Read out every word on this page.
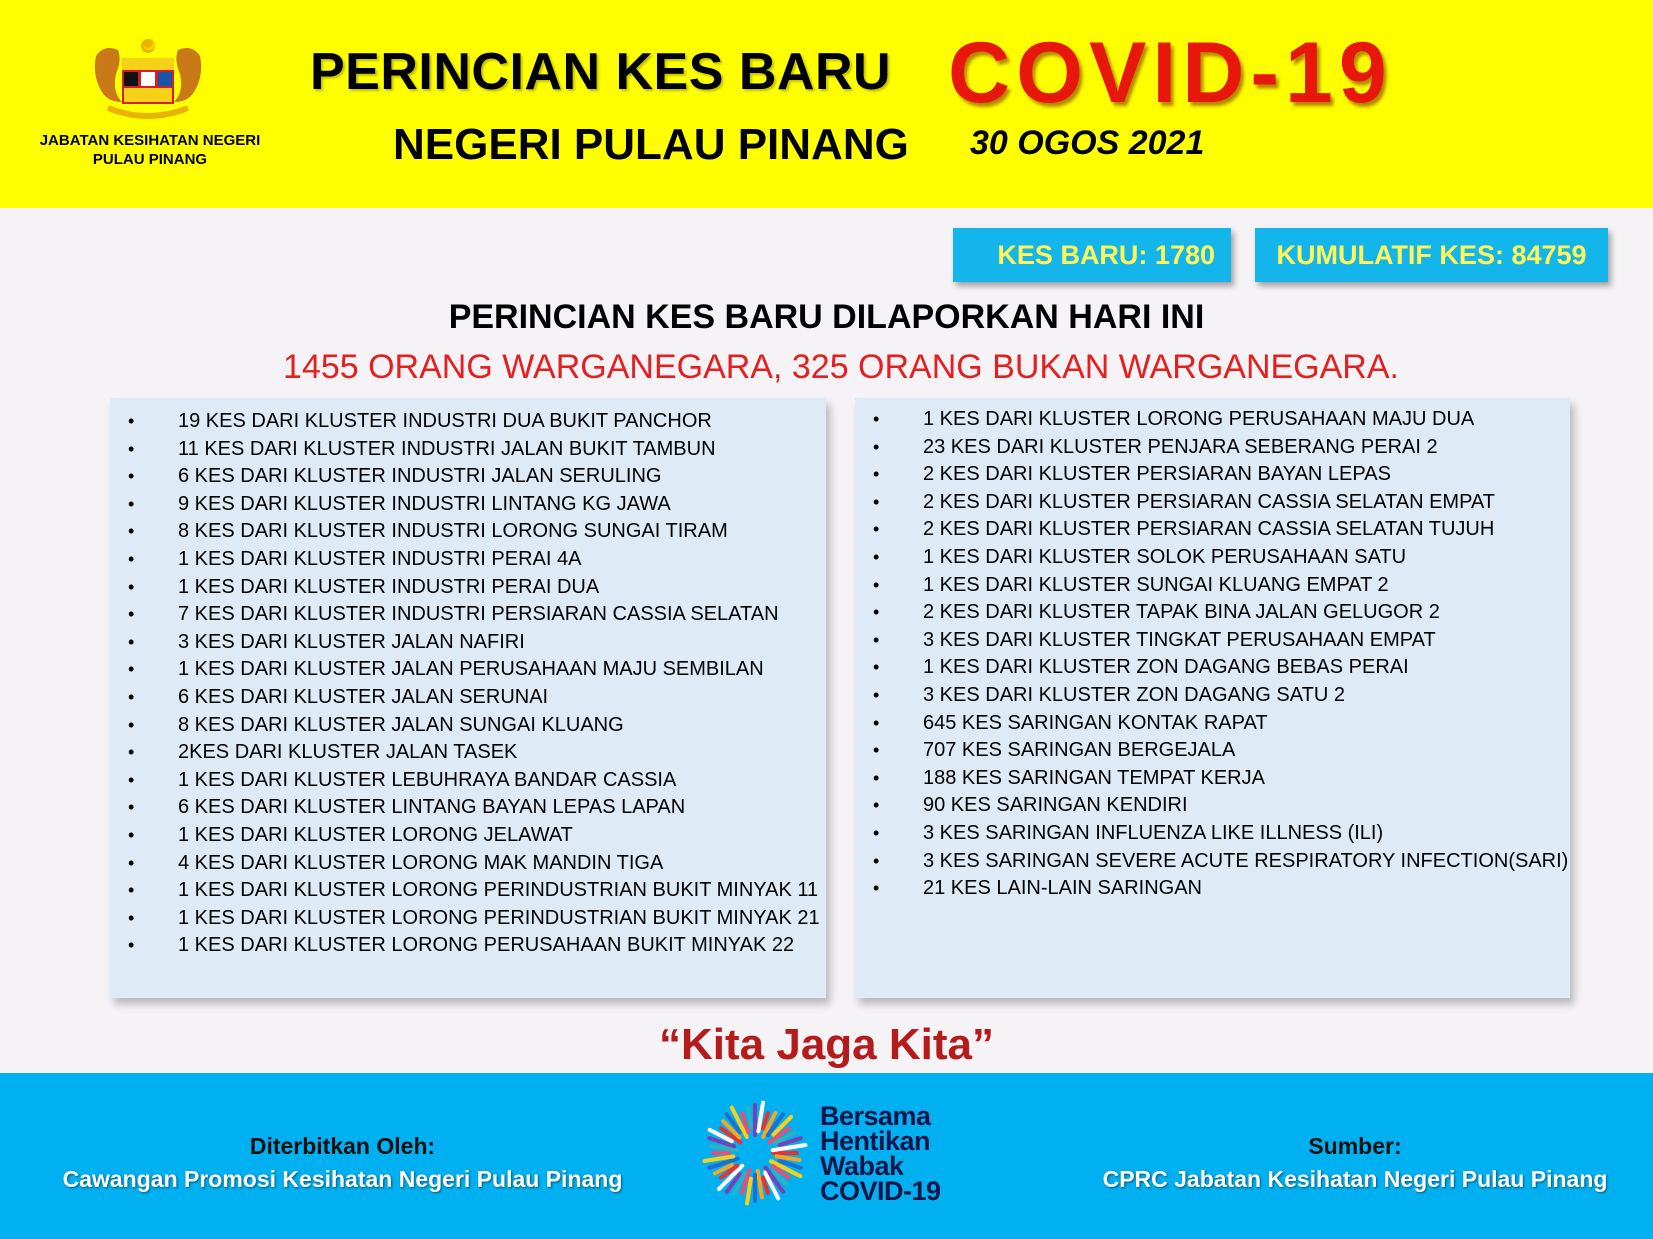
JABATAN KESIHATAN NEGERI PULAU PINANG
PERINCIAN KES BARU COVID-19
NEGERI PULAU PINANG 30 OGOS 2021
KES BARU: 1780	KUMULATIF KES: 84759
PERINCIAN KES BARU DILAPORKAN HARI INI
1455 ORANG WARGANEGARA, 325 ORANG BUKAN WARGANEGARA.
• 19 KES DARI KLUSTER INDUSTRI DUA BUKIT PANCHOR
• 11 KES DARI KLUSTER INDUSTRI JALAN BUKIT TAMBUN
• 6 KES DARI KLUSTER INDUSTRI JALAN SERULING
• 9 KES DARI KLUSTER INDUSTRI LINTANG KG JAWA
• 8 KES DARI KLUSTER INDUSTRI LORONG SUNGAI TIRAM
• 1 KES DARI KLUSTER INDUSTRI PERAI 4A
• 1 KES DARI KLUSTER INDUSTRI PERAI DUA
• 7 KES DARI KLUSTER INDUSTRI PERSIARAN CASSIA SELATAN
• 3 KES DARI KLUSTER JALAN NAFIRI
• 1 KES DARI KLUSTER JALAN PERUSAHAAN MAJU SEMBILAN
• 6 KES DARI KLUSTER JALAN SERUNAI
• 8 KES DARI KLUSTER JALAN SUNGAI KLUANG
• 2KES DARI KLUSTER JALAN TASEK
• 1 KES DARI KLUSTER LEBUHRAYA BANDAR CASSIA
• 6 KES DARI KLUSTER LINTANG BAYAN LEPAS LAPAN
• 1 KES DARI KLUSTER LORONG JELAWAT
• 4 KES DARI KLUSTER LORONG MAK MANDIN TIGA
• 1 KES DARI KLUSTER LORONG PERINDUSTRIAN BUKIT MINYAK 11
• 1 KES DARI KLUSTER LORONG PERINDUSTRIAN BUKIT MINYAK 21
• 1 KES DARI KLUSTER LORONG PERUSAHAAN BUKIT MINYAK 22
• 1 KES DARI KLUSTER LORONG PERUSAHAAN MAJU DUA
• 23 KES DARI KLUSTER PENJARA SEBERANG PERAI 2
• 2 KES DARI KLUSTER PERSIARAN BAYAN LEPAS
• 2 KES DARI KLUSTER PERSIARAN CASSIA SELATAN EMPAT
• 2 KES DARI KLUSTER PERSIARAN CASSIA SELATAN TUJUH
• 1 KES DARI KLUSTER SOLOK PERUSAHAAN SATU
• 1 KES DARI KLUSTER SUNGAI KLUANG EMPAT 2
• 2 KES DARI KLUSTER TAPAK BINA JALAN GELUGOR 2
• 3 KES DARI KLUSTER TINGKAT PERUSAHAAN EMPAT
• 1 KES DARI KLUSTER ZON DAGANG BEBAS PERAI
• 3 KES DARI KLUSTER ZON DAGANG SATU 2
• 645 KES SARINGAN KONTAK RAPAT
• 707 KES SARINGAN BERGEJALA
• 188 KES SARINGAN TEMPAT KERJA
• 90 KES SARINGAN KENDIRI
• 3 KES SARINGAN INFLUENZA LIKE ILLNESS (ILI)
• 3 KES SARINGAN SEVERE ACUTE RESPIRATORY INFECTION(SARI)
• 21 KES LAIN-LAIN SARINGAN
“Kita Jaga Kita”
Diterbitkan Oleh:
Cawangan Promosi Kesihatan Negeri Pulau Pinang
Bersama
Hentikan
Wabak
COVID-19
Sumber:
CPRC Jabatan Kesihatan Negeri Pulau Pinang
